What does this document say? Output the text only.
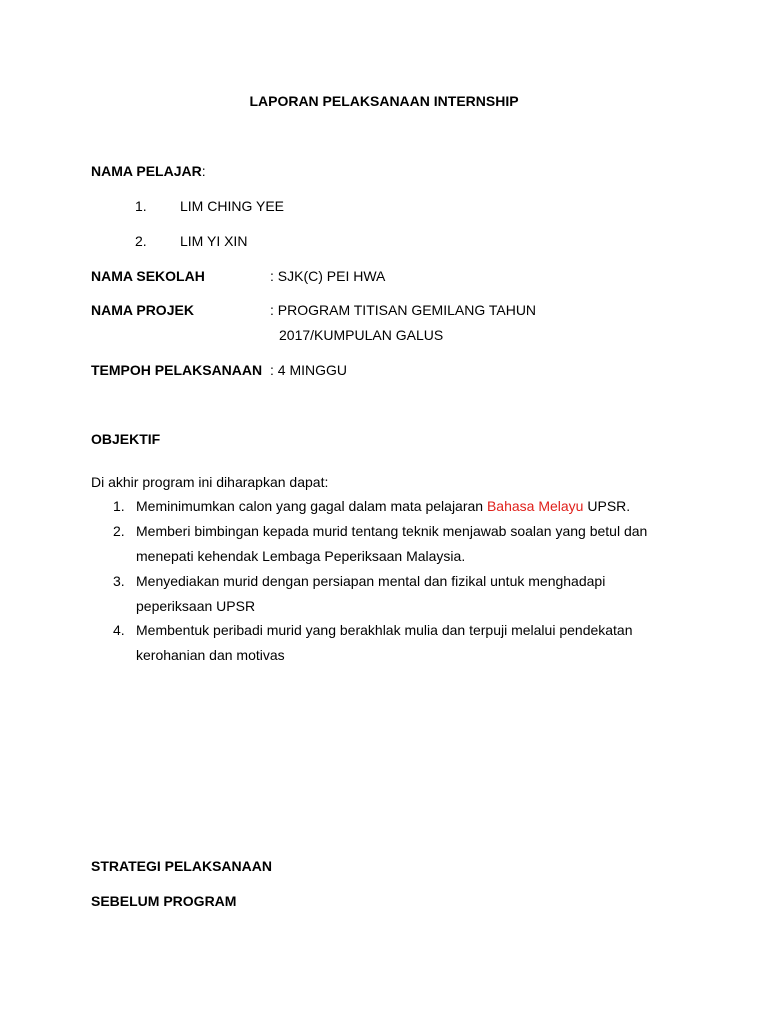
LAPORAN PELAKSANAAN INTERNSHIP
NAMA PELAJAR:
1. LIM CHING YEE
2. LIM YI XIN
NAMA SEKOLAH	: SJK(C) PEI HWA
NAMA PROJEK	: PROGRAM TITISAN GEMILANG TAHUN
2017/KUMPULAN GALUS
TEMPOH PELAKSANAAN : 4 MINGGU
OBJEKTIF
Di akhir program ini diharapkan dapat:
1. Meminimumkan calon yang gagal dalam mata pelajaran Bahasa Melayu UPSR.
2. Memberi bimbingan kepada murid tentang teknik menjawab soalan yang betul dan
menepati kehendak Lembaga Peperiksaan Malaysia.
3. Menyediakan murid dengan persiapan mental dan fizikal untuk menghadapi
peperiksaan UPSR
4. Membentuk peribadi murid yang berakhlak mulia dan terpuji melalui pendekatan
kerohanian dan motivas
STRATEGI PELAKSANAAN
SEBELUM PROGRAM
